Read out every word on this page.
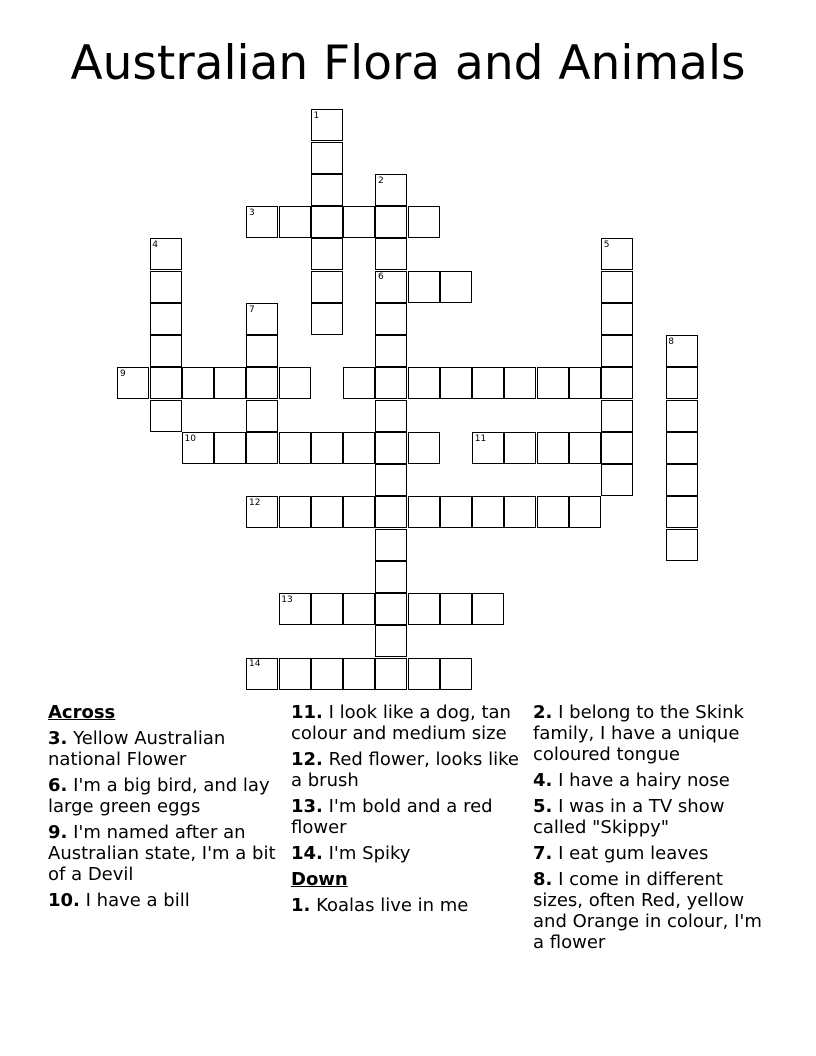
Australian Flora and Animals
1
2
3
4	5
6
7
8
9
10	11
12
13
14
Across
3. Yellow Australian national Flower
6. I'm a big bird, and lay large green eggs
9. I'm named after an Australian state, I'm a bit of a Devil
10. I have a bill
11. I look like a dog, tan colour and medium size
12. Red flower, looks like a brush
13. I'm bold and a red flower
14. I'm Spiky
Down
1. Koalas live in me
2. I belong to the Skink family, I have a unique coloured tongue
4. I have a hairy nose
5. I was in a TV show called "Skippy"
7. I eat gum leaves
8. I come in different sizes, often Red, yellow and Orange in colour, I'm a flower
